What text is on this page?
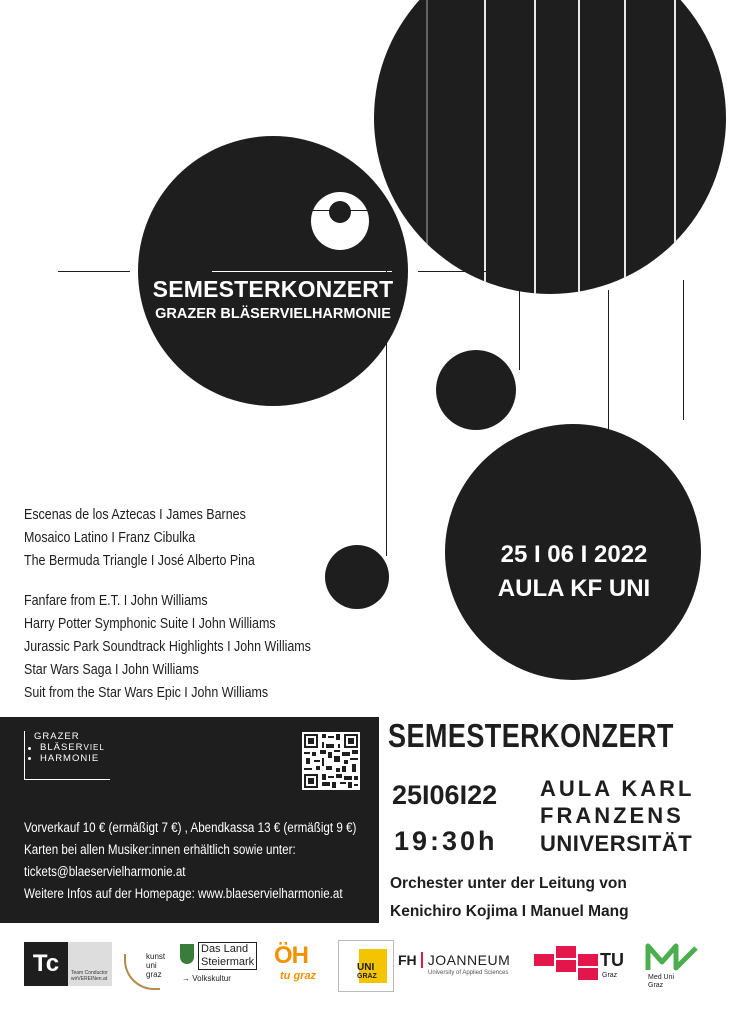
SEMESTERKONZERT
GRAZER BLÄSERVIELHARMONIE
25 I 06 I 2022
AULA KF UNI
Escenas de los Aztecas I James Barnes
Mosaico Latino I Franz Cibulka
The Bermuda Triangle I José Alberto Pina
Fanfare from E.T. I John Williams
Harry Potter Symphonic Suite I John Williams
Jurassic Park Soundtrack Highlights I John Williams
Star Wars Saga I John Williams
Suit from the Star Wars Epic I John Williams
GRAZER
BLÄSERVIEL
HARMONIE
Vorverkauf 10 € (ermäßigt 7 €) , Abendkassa 13 € (ermäßigt 9 €)
Karten bei allen Musiker:innen erhältlich sowie unter:
tickets@blaeservielharmonie.at
Weitere Infos auf der Homepage: www.blaeservielharmonie.at
SEMESTERKONZERT
25I06I22
19:30h
AULA KARL
FRANZENS
UNIVERSITÄT
Orchester unter der Leitung von
Kenichiro Kojima I Manuel Mang
Tc	Team Conductor
wirVEREINen.at
kunst
uni
graz
Das Land
Steiermark
→ Volkskultur
ÖH
tu graz
UNI
GRAZ
FH JOANNEUM
University of Applied Sciences
TU
Graz	Med Uni
Graz
